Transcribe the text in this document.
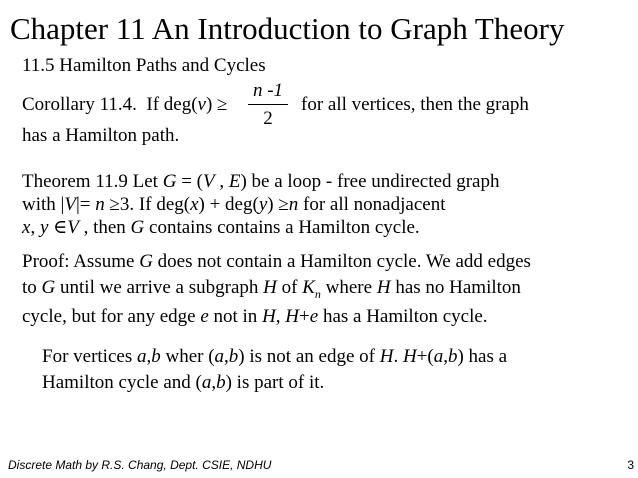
Chapter 11 An Introduction to Graph Theory
11.5 Hamilton Paths and Cycles
Corollary 11.4. If deg(v) ≥
n -1
2
for all vertices, then the graph
has a Hamilton path.
Theorem 11.9 Let G = (V , E) be a loop - free undirected graph
with |V|= n ≥3. If deg(x) + deg(y) ≥n for all nonadjacent
x, y ∈V , then G contains contains a Hamilton cycle.
Proof: Assume G does not contain a Hamilton cycle. We add edges
to G until we arrive a subgraph H of $K_n$ where H has no Hamilton
cycle, but for any edge e not in H, H+e has a Hamilton cycle.
For vertices a,b wher (a,b) is not an edge of H. H+(a,b) has a
Hamilton cycle and (a,b) is part of it.
Discrete Math by R.S. Chang, Dept. CSIE, NDHU	3
